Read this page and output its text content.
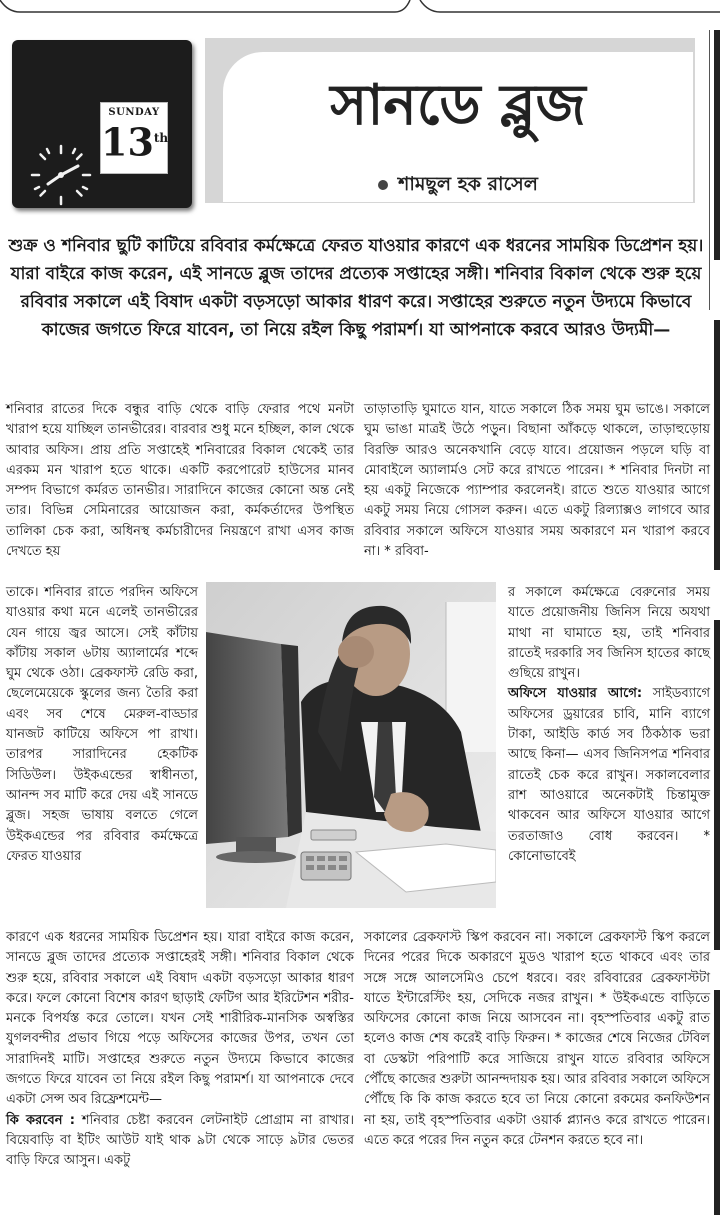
SUNDAY
13th	সানডে ব্লুজ
শামছুল হক রাসেল
শুক্র ও শনিবার ছুটি কাটিয়ে রবিবার কর্মক্ষেত্রে ফেরত যাওয়ার কারণে এক ধরনের সাময়িক ডিপ্রেশন হয়। যারা বাইরে কাজ করেন, এই সানডে ব্লুজ তাদের প্রত্যেক সপ্তাহের সঙ্গী। শনিবার বিকাল থেকে শুরু হয়ে রবিবার সকালে এই বিষাদ একটা বড়সড়ো আকার ধারণ করে। সপ্তাহের শুরুতে নতুন উদ্যমে কিভাবে কাজের জগতে ফিরে যাবেন, তা নিয়ে রইল কিছু পরামর্শ। যা আপনাকে করবে আরও উদ্যমী—

শনিবার রাতের দিকে বন্ধুর বাড়ি থেকে বাড়ি ফেরার পথে মনটা খারাপ হয়ে যাচ্ছিল তানভীরের। বারবার শুধু মনে হচ্ছিল, কাল থেকে আবার অফিস। প্রায় প্রতি সপ্তাহেই শনিবারের বিকাল থেকেই তার এরকম মন খারাপ হতে থাকে। একটি করপোরেট হাউসের মানব সম্পদ বিভাগে কর্মরত তানভীর। সারাদিনে কাজের কোনো অন্ত নেই তার। বিভিন্ন সেমিনারের আয়োজন করা, কর্মকর্তাদের উপস্থিত তালিকা চেক করা, অধিনস্থ কর্মচারীদের নিয়ন্ত্রণে রাখা এসব কাজ দেখতে হয়

তাকে। শনিবার রাতে পরদিন অফিসে যাওয়ার কথা মনে এলেই তানভীরের যেন গায়ে জ্বর আসে। সেই কাঁটায় কাঁটায় সকাল ৬টায় অ্যালার্মের শব্দে ঘুম থেকে ওঠা। ব্রেকফাস্ট রেডি করা, ছেলেমেয়েকে স্কুলের জন্য তৈরি করা এবং সব শেষে মেরুল-বাড্ডার যানজট কাটিয়ে অফিসে পা রাখা। তারপর সারাদিনের হেকটিক সিডিউল। উইকএন্ডের স্বাধীনতা, আনন্দ সব মাটি করে দেয় এই সানডে ব্লুজ। সহজ ভাষায় বলতে গেলে উইকএন্ডের পর রবিবার কর্মক্ষেত্রে ফেরত যাওয়ার

কারণে এক ধরনের সাময়িক ডিপ্রেশন হয়। যারা বাইরে কাজ করেন, সানডে ব্লুজ তাদের প্রত্যেক সপ্তাহেরই সঙ্গী। শনিবার বিকাল থেকে শুরু হয়ে, রবিবার সকালে এই বিষাদ একটা বড়সড়ো আকার ধারণ করে। ফলে কোনো বিশেষ কারণ ছাড়াই ফেটিগ আর ইরিটেশন শরীর-মনকে বিপর্যস্ত করে তোলে। যখন সেই শারীরিক-মানসিক অস্বস্তির যুগলবন্দীর প্রভাব গিয়ে পড়ে অফিসের কাজের উপর, তখন তো সারাদিনই মাটি। সপ্তাহের শুরুতে নতুন উদ্যমে কিভাবে কাজের জগতে ফিরে যাবেন তা নিয়ে রইল কিছু পরামর্শ। যা আপনাকে দেবে একটা সেন্স অব রিফ্রেশমেন্ট—

কি করবেন : শনিবার চেষ্টা করবেন লেটনাইট প্রোগ্রাম না রাখার। বিয়েবাড়ি বা ইটিং আউট যাই থাক ৯টা থেকে সাড়ে ৯টার ভেতর বাড়ি ফিরে আসুন। একটু

তাড়াতাড়ি ঘুমাতে যান, যাতে সকালে ঠিক সময় ঘুম ভাঙে। সকালে ঘুম ভাঙা মাত্রই উঠে পড়ুন। বিছানা আঁকড়ে থাকলে, তাড়াহুড়োয় বিরক্তি আরও অনেকখানি বেড়ে যাবে। প্রয়োজন পড়লে ঘড়ি বা মোবাইলে অ্যালার্মও সেট করে রাখতে পারেন। * শনিবার দিনটা না হয় একটু নিজেকে প্যাম্পার করলেনই। রাতে শুতে যাওয়ার আগে একটু সময় নিয়ে গোসল করুন। এতে একটু রিল্যাক্সও লাগবে আর রবিবার সকালে অফিসে যাওয়ার সময় অকারণে মন খারাপ করবে না। * রবিবা-

র সকালে কর্মক্ষেত্রে বেরুনোর সময় যাতে প্রয়োজনীয় জিনিস নিয়ে অযথা মাথা না ঘামাতে হয়, তাই শনিবার রাতেই দরকারি সব জিনিস হাতের কাছে গুছিয়ে রাখুন।

অফিসে যাওয়ার আগে: সাইডব্যাগে অফিসের ড্রয়ারের চাবি, মানি ব্যাগে টাকা, আইডি কার্ড সব ঠিকঠাক ভরা আছে কিনা— এসব জিনিসপত্র শনিবার রাতেই চেক করে রাখুন। সকালবেলার রাশ আওয়ারে অনেকটাই চিন্তামুক্ত থাকবেন আর অফিসে যাওয়ার আগে তরতাজাও বোধ করবেন। * কোনোভাবেই

সকালের ব্রেকফাস্ট স্কিপ করবেন না। সকালে ব্রেকফাস্ট স্কিপ করলে দিনের পরের দিকে অকারণে মুডও খারাপ হতে থাকবে এবং তার সঙ্গে সঙ্গে আলসেমিও চেপে ধরবে। বরং রবিবারের ব্রেকফাস্টটা যাতে ইন্টারেস্টিং হয়, সেদিকে নজর রাখুন। * উইকএন্ডে বাড়িতে অফিসের কোনো কাজ নিয়ে আসবেন না। বৃহস্পতিবার একটু রাত হলেও কাজ শেষ করেই বাড়ি ফিরুন। * কাজের শেষে নিজের টেবিল বা ডেস্কটা পরিপাটি করে সাজিয়ে রাখুন যাতে রবিবার অফিসে পৌঁছে কাজের শুরুটা আনন্দদায়ক হয়। আর রবিবার সকালে অফিসে পৌঁছে কি কি কাজ করতে হবে তা নিয়ে কোনো রকমের কনফিউশন না হয়, তাই বৃহস্পতিবার একটা ওয়ার্ক প্ল্যানও করে রাখতে পারেন। এতে করে পরের দিন নতুন করে টেনশন করতে হবে না।
